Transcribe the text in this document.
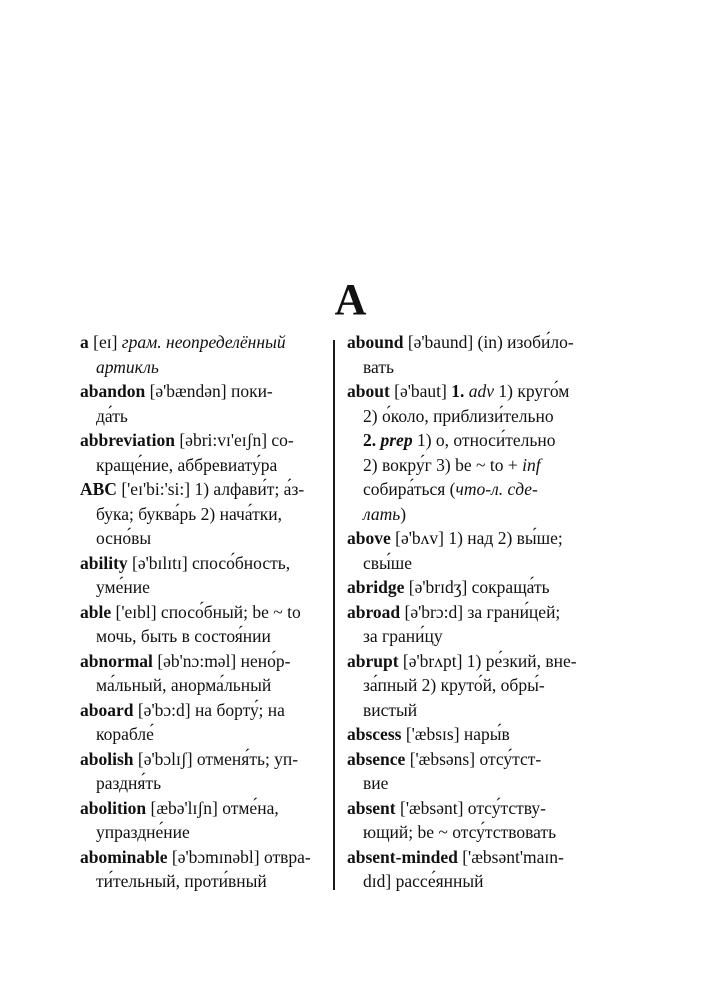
A
a [eɪ] грам. неопределённый
артикль
abandon [ə'bændən] поки-
да́ть
abbreviation [əbri:vɪ'eɪʃn] со-
краще́ние, аббревиату́ра
ABC ['eɪ'bi:'si:] 1) алфави́т; а́з-
бука; буква́рь 2) нача́тки,
осно́вы
ability [ə'bɪlɪtɪ] спосо́бность,
уме́ние
able ['eɪbl] спосо́бный; be ~ to
мочь, быть в состоя́нии
abnormal [əb'nɔ:məl] нено́р-
ма́льный, анорма́льный
aboard [ə'bɔ:d] на борту́; на
корабле́
abolish [ə'bɔlɪʃ] отменя́ть; уп-
раздня́ть
abolition [æbə'lɪʃn] отме́на,
упраздне́ние
abominable [ə'bɔmɪnəbl] отвра-
ти́тельный, проти́вный
abound [ə'baund] (in) изоби́ло-
вать
about [ə'baut] 1. adv 1) круго́м
2) о́коло, приблизи́тельно
2. prep 1) о, относи́тельно
2) вокру́г 3) be ~ to + inf
собира́ться (что-л. сде-
лать)
above [ə'bʌv] 1) над 2) вы́ше;
свы́ше
abridge [ə'brɪdʒ] сокраща́ть
abroad [ə'brɔ:d] за грани́цей;
за грани́цу
abrupt [ə'brʌpt] 1) ре́зкий, вне-
за́пный 2) круто́й, обры́-
вистый
abscess ['æbsɪs] нары́в
absence ['æbsəns] отсу́тст-
вие
absent ['æbsənt] отсу́тству-
ющий; be ~ отсу́тствовать
absent-minded ['æbsənt'maɪn-
dɪd] рассе́янный
